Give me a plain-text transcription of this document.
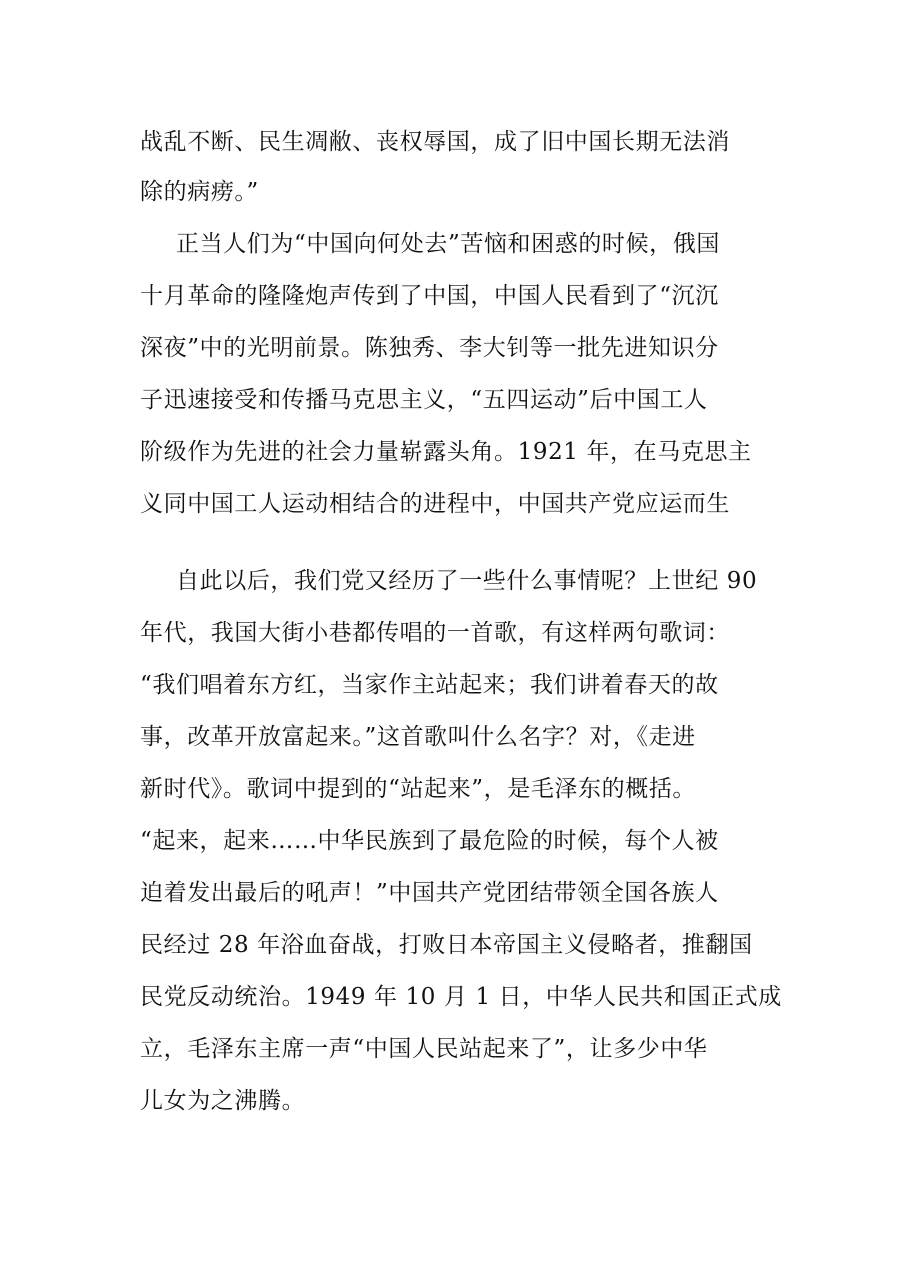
战乱不断、民生凋敝、丧权辱国，成了旧中国长期无法消
除的病痨。”
正当人们为“中国向何处去”苦恼和困惑的时候，俄国
十月革命的隆隆炮声传到了中国，中国人民看到了“沉沉
深夜”中的光明前景。陈独秀、李大钊等一批先进知识分
子迅速接受和传播马克思主义，“五四运动”后中国工人
阶级作为先进的社会力量崭露头角。1921 年，在马克思主
义同中国工人运动相结合的进程中，中国共产党应运而生
自此以后，我们党又经历了一些什么事情呢？上世纪 90
年代，我国大街小巷都传唱的一首歌，有这样两句歌词：
“我们唱着东方红，当家作主站起来；我们讲着春天的故
事，改革开放富起来。”这首歌叫什么名字？对，《走进
新时代》。歌词中提到的“站起来”，是毛泽东的概括。
“起来，起来……中华民族到了最危险的时候，每个人被
迫着发出最后的吼声！”中国共产党团结带领全国各族人
民经过 28 年浴血奋战，打败日本帝国主义侵略者，推翻国
民党反动统治。1949 年 10 月 1 日，中华人民共和国正式成
立，毛泽东主席一声“中国人民站起来了”，让多少中华
儿女为之沸腾。
